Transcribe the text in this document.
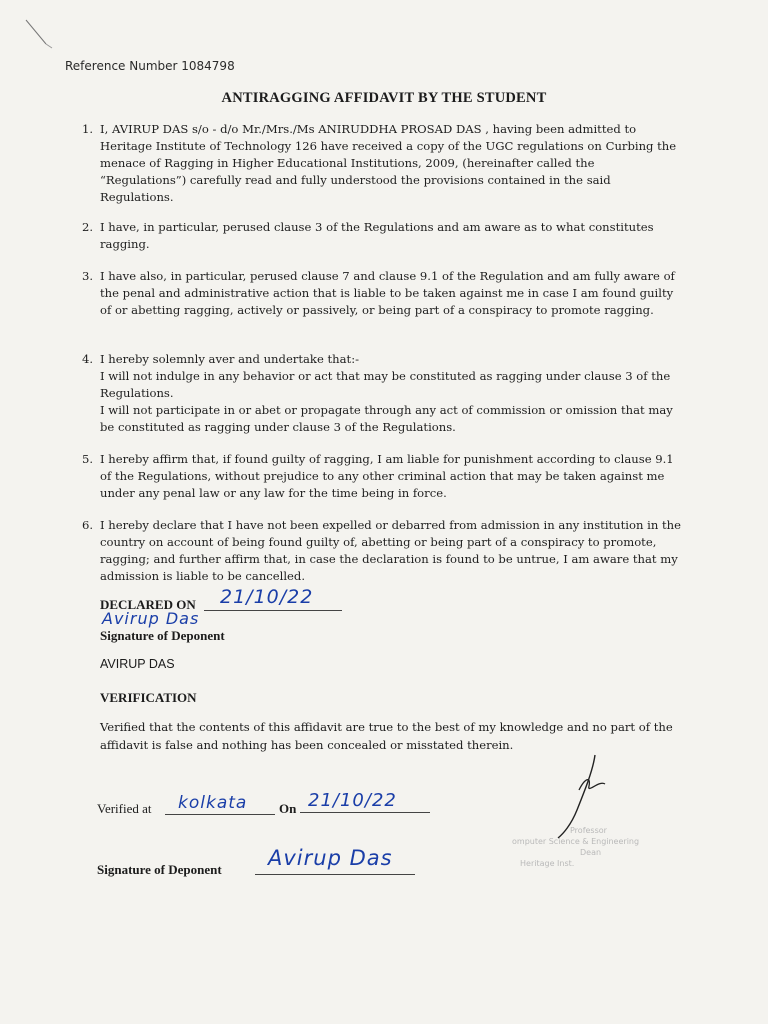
Reference Number 1084798
ANTIRAGGING AFFIDAVIT BY THE STUDENT
1. I, AVIRUP DAS s/o - d/o Mr./Mrs./Ms ANIRUDDHA PROSAD DAS , having been admitted to Heritage Institute of Technology 126 have received a copy of the UGC regulations on Curbing the menace of Ragging in Higher Educational Institutions, 2009, (hereinafter called the “Regulations”) carefully read and fully understood the provisions contained in the said Regulations.

2. I have, in particular, perused clause 3 of the Regulations and am aware as to what constitutes ragging.

3. I have also, in particular, perused clause 7 and clause 9.1 of the Regulation and am fully aware of the penal and administrative action that is liable to be taken against me in case I am found guilty of or abetting ragging, actively or passively, or being part of a conspiracy to promote ragging.

4. I hereby solemnly aver and undertake that:-

I will not indulge in any behavior or act that may be constituted as ragging under clause 3 of the Regulations.

I will not participate in or abet or propagate through any act of commission or omission that may be constituted as ragging under clause 3 of the Regulations.

5. I hereby affirm that, if found guilty of ragging, I am liable for punishment according to clause 9.1 of the Regulations, without prejudice to any other criminal action that may be taken against me under any penal law or any law for the time being in force.

6. I hereby declare that I have not been expelled or debarred from admission in any institution in the country on account of being found guilty of, abetting or being part of a conspiracy to promote, ragging; and further affirm that, in case the declaration is found to be untrue, I am aware that my admission is liable to be cancelled.

DECLARED ON 21/10/22
Avirup Das
Signature of Deponent
AVIRUP DAS
VERIFICATION
Verified that the contents of this affidavit are true to the best of my knowledge and no part of the affidavit is false and nothing has been concealed or misstated therein.
Verified at kolkata On 21/10/22
Signature of Deponent Avirup Das
Professor
omputer Science & Engineering
Dean
Heritage Inst.
